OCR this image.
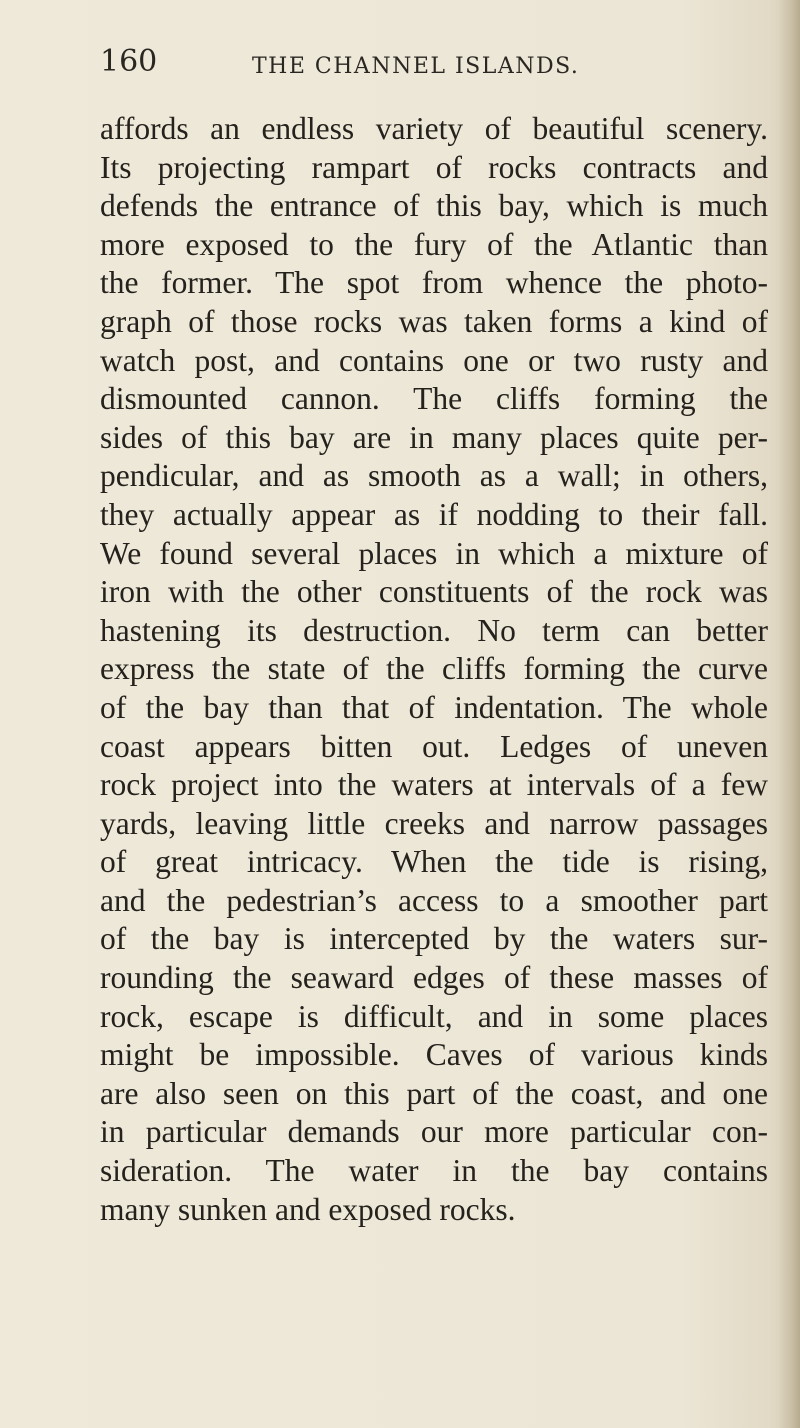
160	THE CHANNEL ISLANDS.
affords an endless variety of beautiful scenery.
Its projecting rampart of rocks contracts and
defends the entrance of this bay, which is much
more exposed to the fury of the Atlantic than
the former. The spot from whence the photo-
graph of those rocks was taken forms a kind of
watch post, and contains one or two rusty and
dismounted cannon. The cliffs forming the
sides of this bay are in many places quite per-
pendicular, and as smooth as a wall; in others,
they actually appear as if nodding to their fall.
We found several places in which a mixture of
iron with the other constituents of the rock was
hastening its destruction. No term can better
express the state of the cliffs forming the curve
of the bay than that of indentation. The whole
coast appears bitten out. Ledges of uneven
rock project into the waters at intervals of a few
yards, leaving little creeks and narrow passages
of great intricacy. When the tide is rising,
and the pedestrian’s access to a smoother part
of the bay is intercepted by the waters sur-
rounding the seaward edges of these masses of
rock, escape is difficult, and in some places
might be impossible. Caves of various kinds
are also seen on this part of the coast, and one
in particular demands our more particular con-
sideration. The water in the bay contains
many sunken and exposed rocks.
